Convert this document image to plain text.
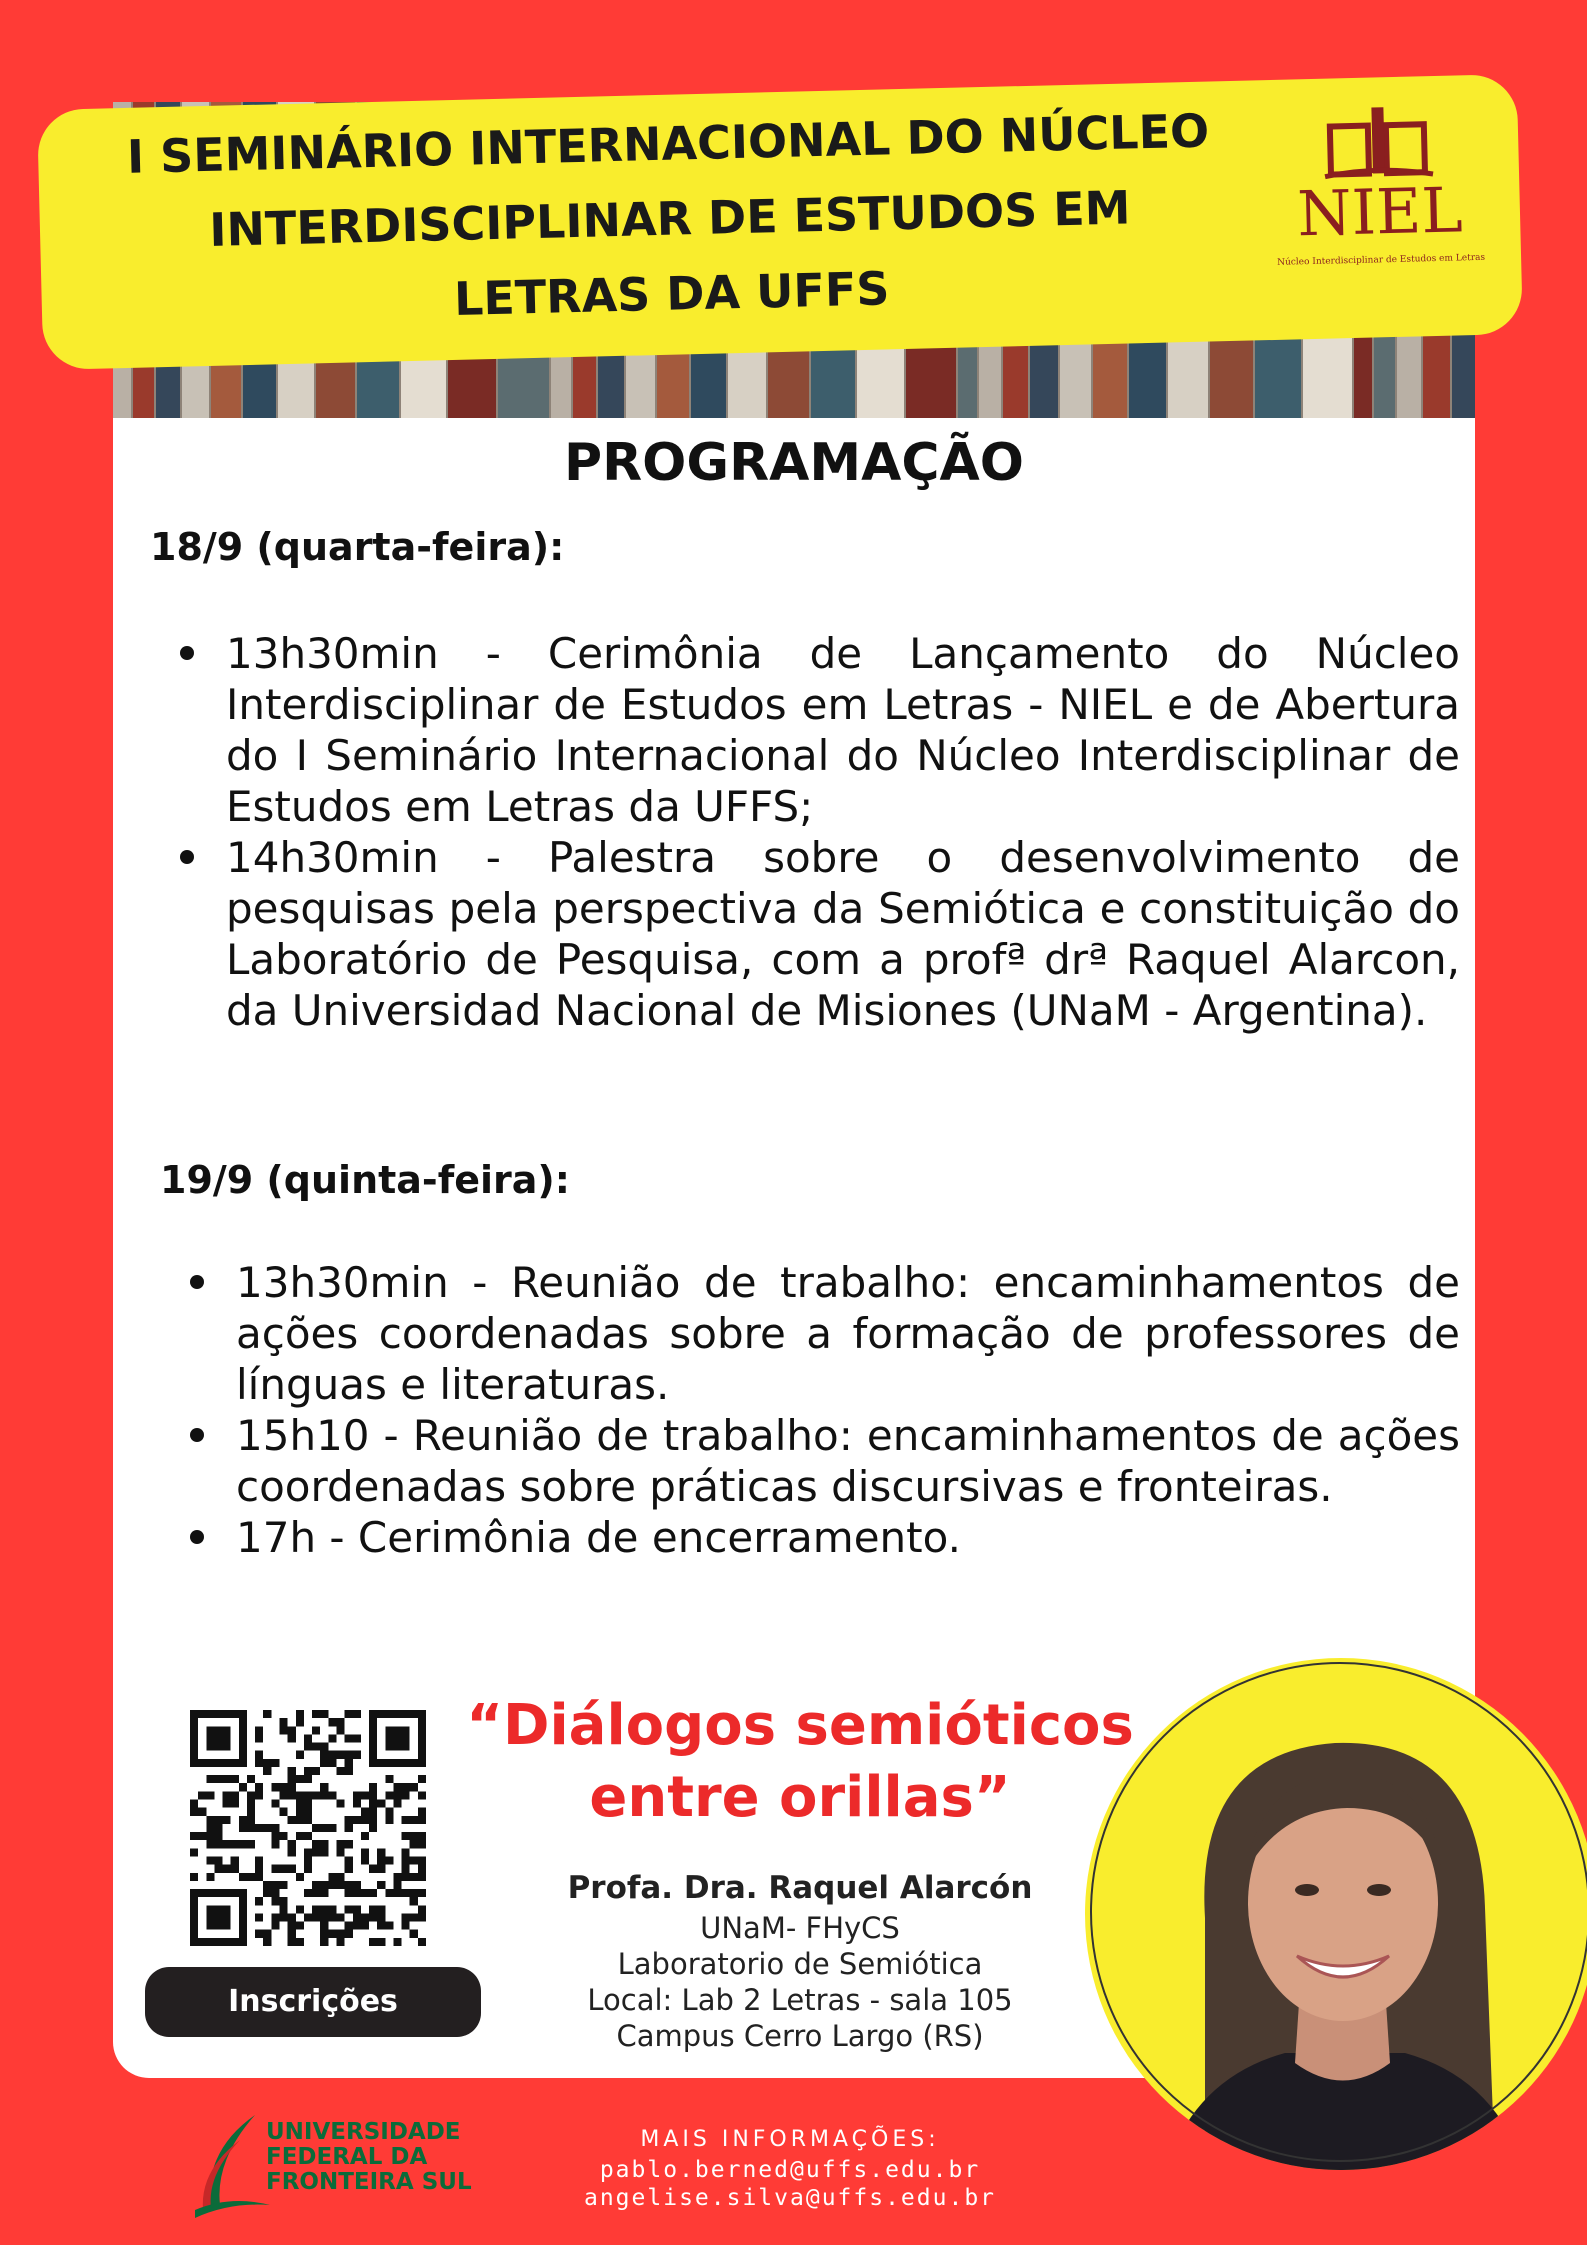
I SEMINÁRIO INTERNACIONAL DO NÚCLEO
INTERDISCIPLINAR DE ESTUDOS EM
LETRAS DA UFFS
NIEL
Núcleo Interdisciplinar de Estudos em Letras
PROGRAMAÇÃO
18/9 (quarta-feira):
13h30min - Cerimônia de Lançamento do Núcleo Interdisciplinar de Estudos em Letras - NIEL e de Abertura do I Seminário Internacional do Núcleo Interdisciplinar de Estudos em Letras da UFFS;
14h30min - Palestra sobre o desenvolvimento de pesquisas pela perspectiva da Semiótica e constituição do Laboratório de Pesquisa, com a profª drª Raquel Alarcon, da Universidad Nacional de Misiones (UNaM - Argentina).
19/9 (quinta-feira):
13h30min - Reunião de trabalho: encaminhamentos de ações coordenadas sobre a formação de professores de línguas e literaturas.
15h10 - Reunião de trabalho: encaminhamentos de ações coordenadas sobre práticas discursivas e fronteiras.
17h - Cerimônia de encerramento.
Inscrições
“Diálogos semióticos
entre orillas”
Profa. Dra. Raquel Alarcón
UNaM- FHyCS
Laboratorio de Semiótica
Local: Lab 2 Letras - sala 105
Campus Cerro Largo (RS)
UNIVERSIDADE
FEDERAL DA
FRONTEIRA SUL
MAIS INFORMAÇÕES:
pablo.berned@uffs.edu.br
angelise.silva@uffs.edu.br
